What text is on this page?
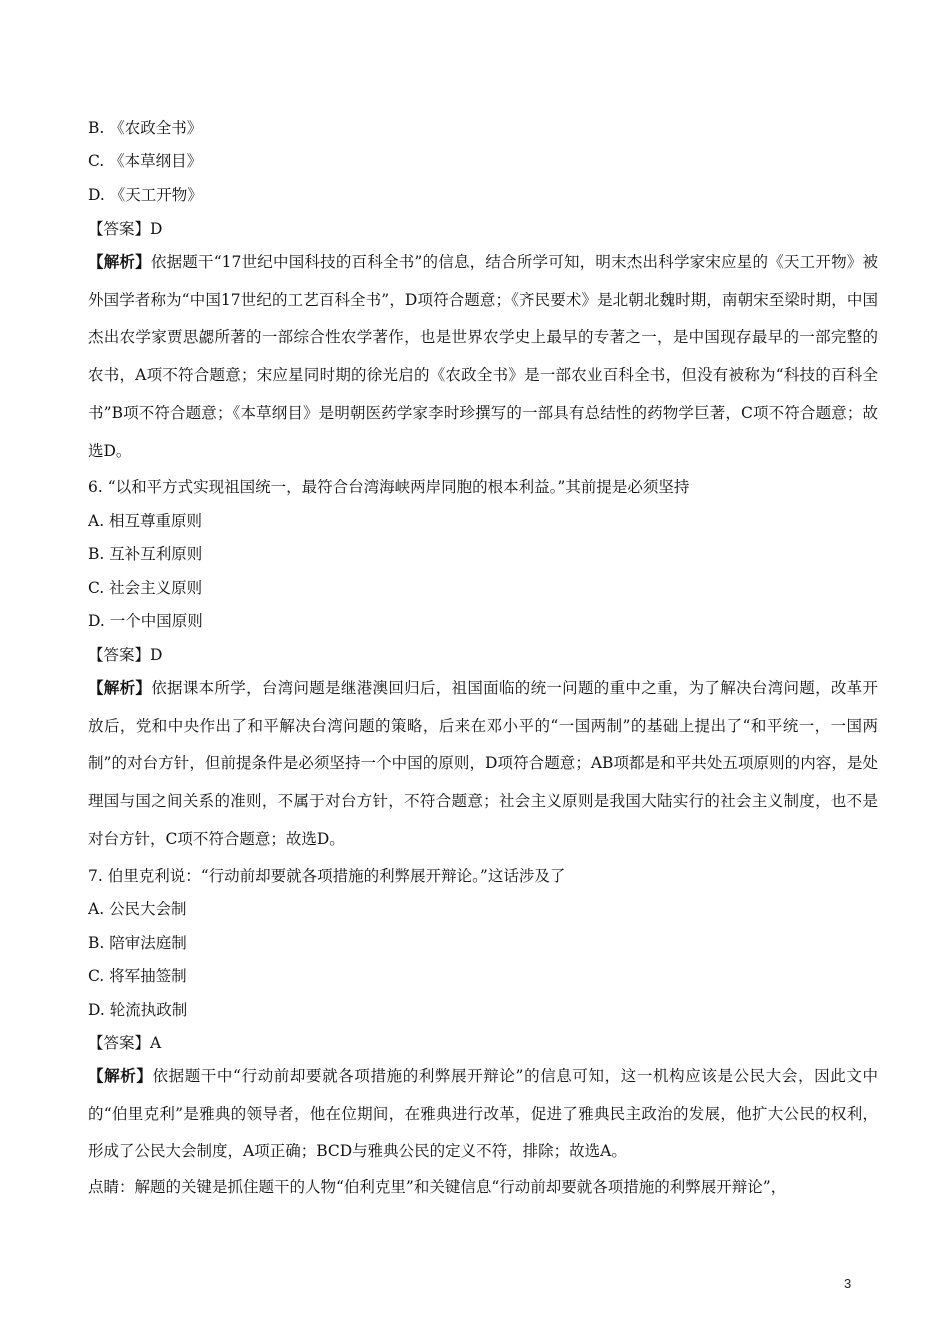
B. 《农政全书》
C. 《本草纲目》
D. 《天工开物》
【答案】D
【解析】依据题干“17世纪中国科技的百科全书”的信息，结合所学可知，明末杰出科学家宋应星的《天工开物》被外国学者称为“中国17世纪的工艺百科全书”，D项符合题意；《齐民要术》是北朝北魏时期，南朝宋至梁时期，中国杰出农学家贾思勰所著的一部综合性农学著作，也是世界农学史上最早的专著之一，是中国现存最早的一部完整的农书，A项不符合题意；宋应星同时期的徐光启的《农政全书》是一部农业百科全书，但没有被称为“科技的百科全书”B项不符合题意；《本草纲目》是明朝医药学家李时珍撰写的一部具有总结性的药物学巨著，C项不符合题意；故选D。
6. “以和平方式实现祖国统一，最符合台湾海峡两岸同胞的根本利益。”其前提是必须坚持
A. 相互尊重原则
B. 互补互利原则
C. 社会主义原则
D. 一个中国原则
【答案】D
【解析】依据课本所学，台湾问题是继港澳回归后，祖国面临的统一问题的重中之重，为了解决台湾问题，改革开放后，党和中央作出了和平解决台湾问题的策略，后来在邓小平的“一国两制”的基础上提出了“和平统一，一国两制”的对台方针，但前提条件是必须坚持一个中国的原则，D项符合题意；AB项都是和平共处五项原则的内容，是处理国与国之间关系的准则，不属于对台方针，不符合题意；社会主义原则是我国大陆实行的社会主义制度，也不是对台方针，C项不符合题意；故选D。
7. 伯里克利说：“行动前却要就各项措施的利弊展开辩论。”这话涉及了
A. 公民大会制
B. 陪审法庭制
C. 将军抽签制
D. 轮流执政制
【答案】A
【解析】依据题干中“行动前却要就各项措施的利弊展开辩论”的信息可知，这一机构应该是公民大会，因此文中的“伯里克利”是雅典的领导者，他在位期间，在雅典进行改革，促进了雅典民主政治的发展，他扩大公民的权利，形成了公民大会制度，A项正确；BCD与雅典公民的定义不符，排除；故选A。
点睛：解题的关键是抓住题干的人物“伯利克里”和关键信息“行动前却要就各项措施的利弊展开辩论”，
3
